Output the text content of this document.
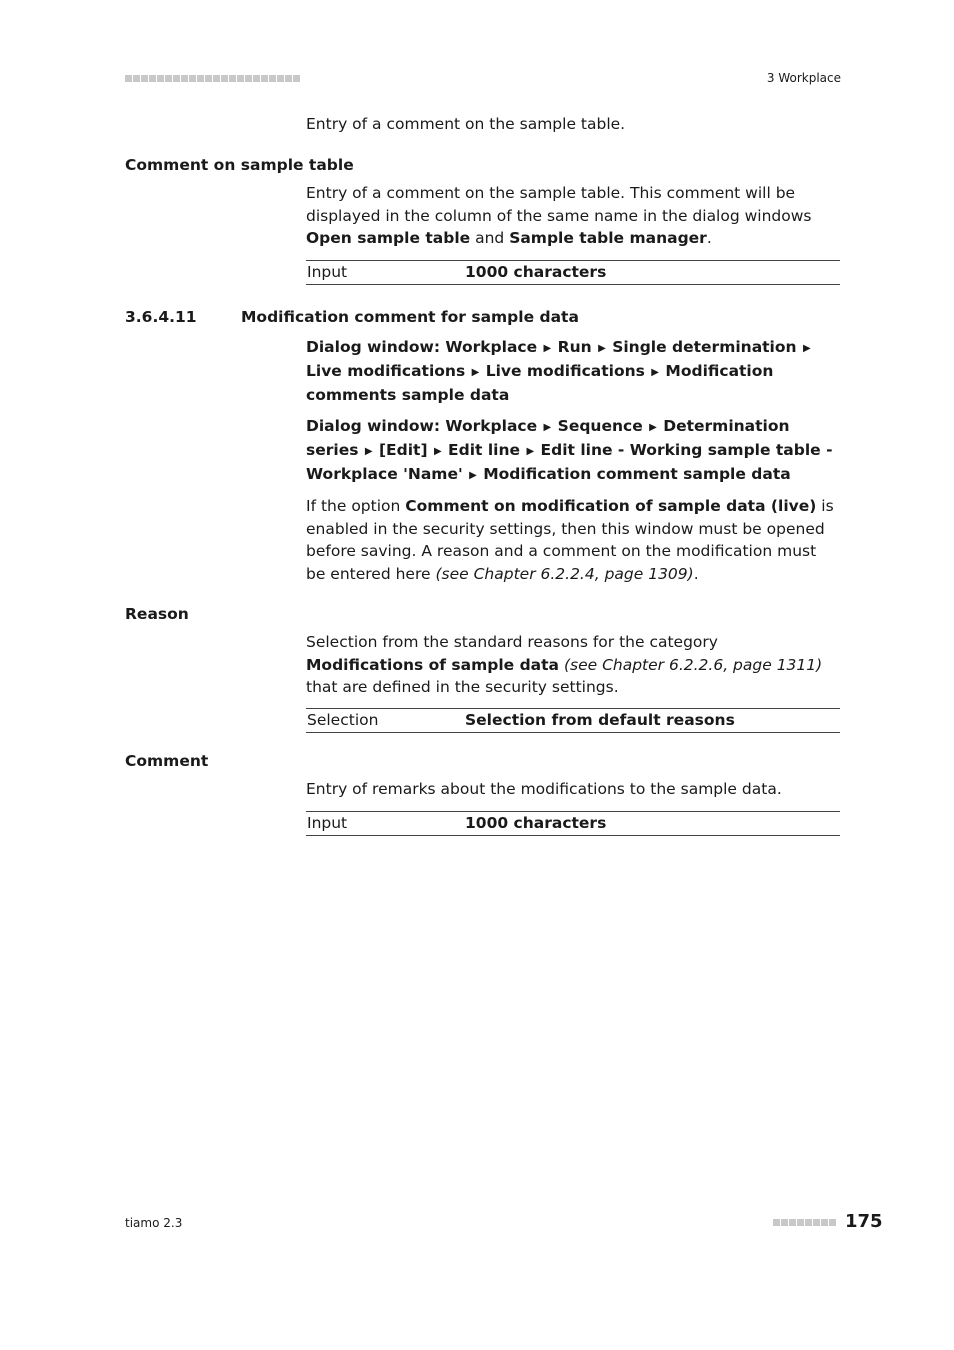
3 Workplace
Entry of a comment on the sample table.
Comment on sample table
Entry of a comment on the sample table. This comment will be displayed in the column of the same name in the dialog windows Open sample table and Sample table manager.
Input	1000 characters
3.6.4.11	Modification comment for sample data
Dialog window: Workplace ▶ Run ▶ Single determination ▶ Live modifications ▶ Live modifications ▶ Modification comments sample data
Dialog window: Workplace ▶ Sequence ▶ Determination series ▶ [Edit] ▶ Edit line ▶ Edit line - Working sample table - Workplace 'Name' ▶ Modification comment sample data
If the option Comment on modification of sample data (live) is enabled in the security settings, then this window must be opened before saving. A reason and a comment on the modification must be entered here (see Chapter 6.2.2.4, page 1309).
Reason
Selection from the standard reasons for the category Modifications of sample data (see Chapter 6.2.2.6, page 1311) that are defined in the security settings.
Selection	Selection from default reasons
Comment
Entry of remarks about the modifications to the sample data.
Input	1000 characters
tiamo 2.3	175
